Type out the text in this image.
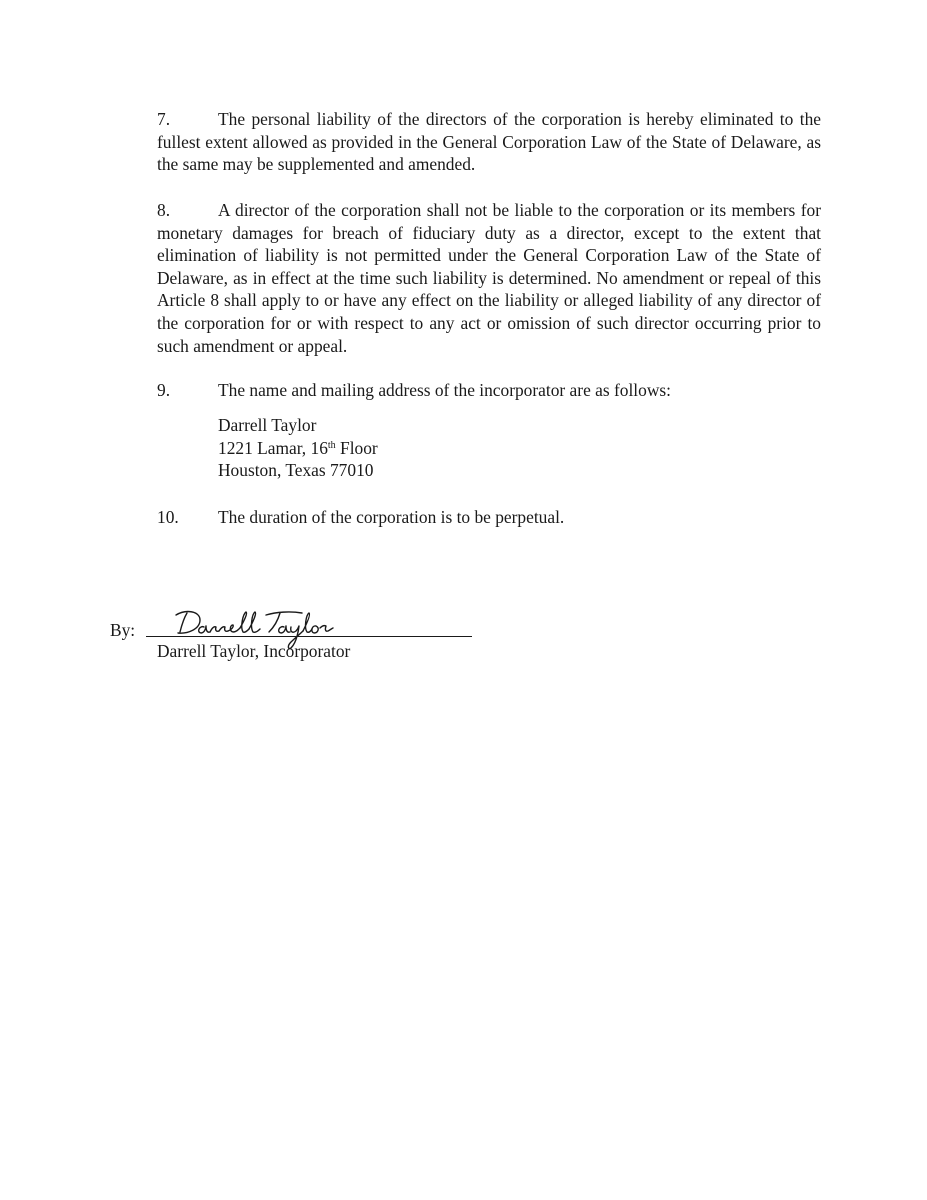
7.	The personal liability of the directors of the corporation is hereby eliminated to the fullest extent allowed as provided in the General Corporation Law of the State of Delaware, as the same may be supplemented and amended.

8.	A director of the corporation shall not be liable to the corporation or its members for monetary damages for breach of fiduciary duty as a director, except to the extent that elimination of liability is not permitted under the General Corporation Law of the State of Delaware, as in effect at the time such liability is determined. No amendment or repeal of this Article 8 shall apply to or have any effect on the liability or alleged liability of any director of the corporation for or with respect to any act or omission of such director occurring prior to such amendment or appeal.

9.	The name and mailing address of the incorporator are as follows:

Darrell Taylor
1221 Lamar, 16th Floor
Houston, Texas 77010

10. The duration of the corporation is to be perpetual.

By:
Darrell Taylor, Incorporator
